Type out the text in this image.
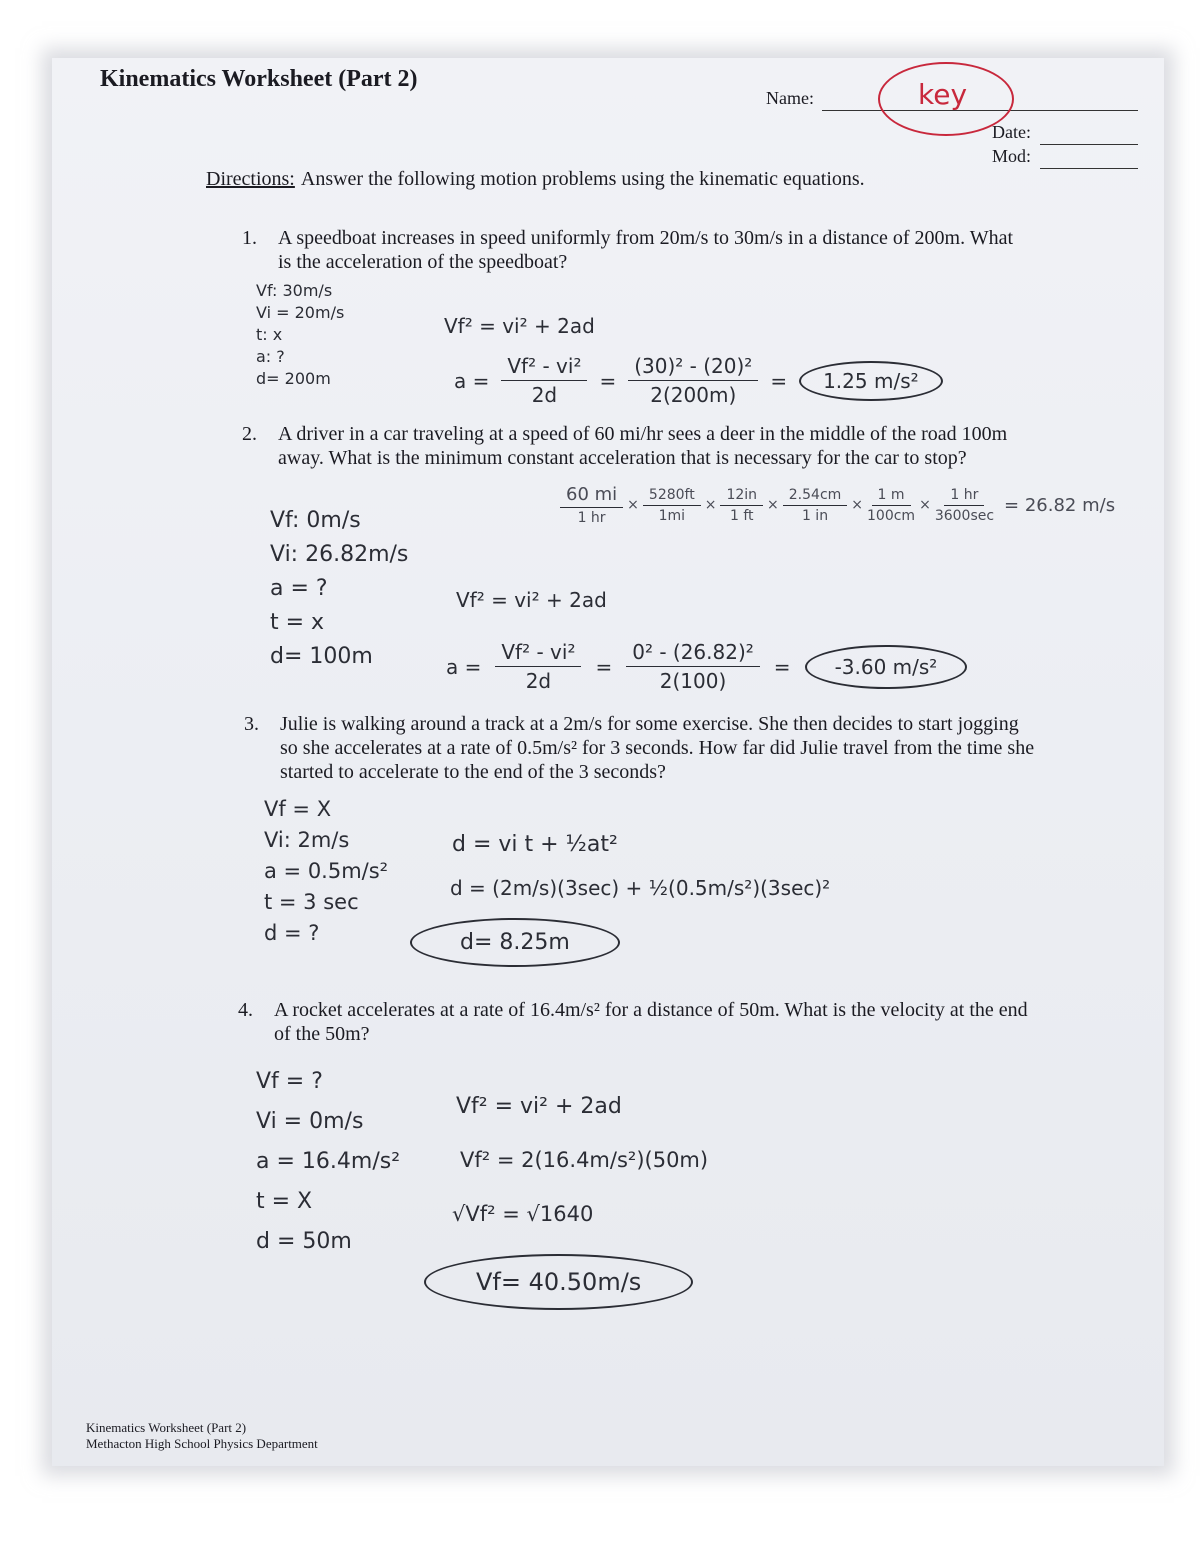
Kinematics Worksheet (Part 2)
Name:	key
Date:
Mod:
Directions: Answer the following motion problems using the kinematic equations.
1. A speedboat increases in speed uniformly from 20m/s to 30m/s in a distance of 200m. What is the acceleration of the speedboat?
Vf: 30m/s
Vi = 20m/s
t: x
a: ?
d= 200m
Vf² = vi² + 2ad
$a = \frac{\text{Vf² - vi²}}{2d} = \frac{\text{(30)² - (20)²}}{2(200m)}$ =	1.25 m/s²
2. A driver in a car traveling at a speed of 60 mi/hr sees a deer in the middle of the road 100m away. What is the minimum constant acceleration that is necessary for the car to stop?
$\frac{60 mi}{1 hr} \times \frac{5280ft}{1mi} \times \frac{12in}{1 ft} \times \frac{2.54cm}{1 in} \times \frac{1 m}{100cm} \times \frac{1 hr}{3600\sec} = 26.82$ m/s
Vf: 0m/s
Vi: 26.82m/s
a = ?
t = x
d= 100m
Vf² = vi² + 2ad
$a = \frac{\text{Vf² - vi²}}{2d} = \frac{\text{0² - (26.82)²}}{2(100)}$ =	-3.60 m/s²
3. Julie is walking around a track at a 2m/s for some exercise. She then decides to start jogging so she accelerates at a rate of 0.5m/s² for 3 seconds. How far did Julie travel from the time she started to accelerate to the end of the 3 seconds?
Vf = X
Vi: 2m/s
a = 0.5m/s²
t = 3 sec
d = ?
d = vi t + ½at²
d = (2m/s)(3sec) + ½(0.5m/s²)(3sec)²
d= 8.25m
4. A rocket accelerates at a rate of 16.4m/s² for a distance of 50m. What is the velocity at the end of the 50m?
Vf = ?
Vi = 0m/s
a = 16.4m/s²
t = X
d = 50m
Vf² = vi² + 2ad
Vf² = 2(16.4m/s²)(50m)
√Vf² = √1640
Vf= 40.50m/s
Kinematics Worksheet (Part 2)
Methacton High School Physics Department
